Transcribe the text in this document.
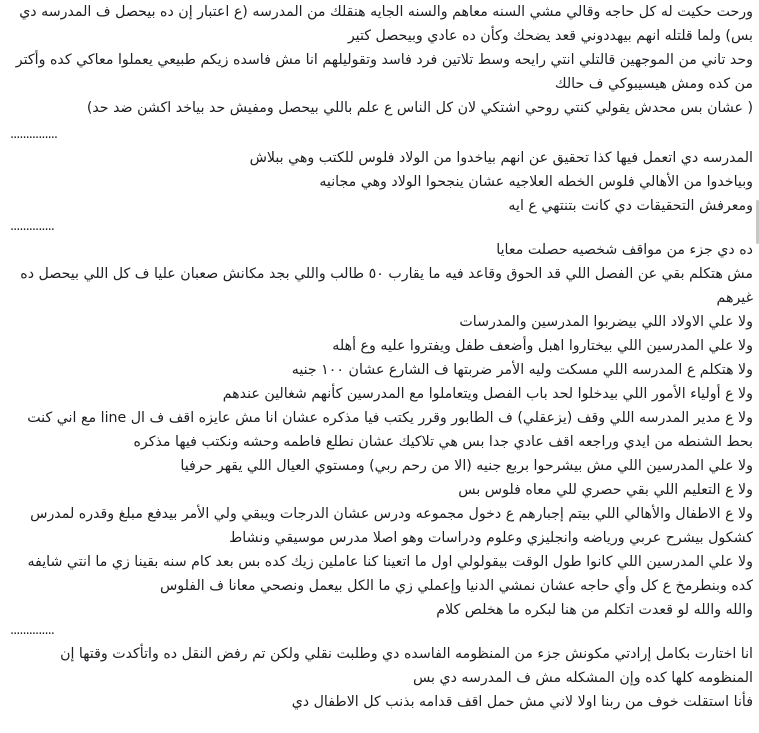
ورحت حكيت له كل حاجه وقالي مشي السنه معاهم والسنه الجايه هنقلك من المدرسه (ع اعتبار إن ده بيحصل ف المدرسه دي بس) ولما قلتله انهم بيهددوني قعد يضحك وكأن ده عادي وبيحصل كتير

وحد تاني من الموجهين قالتلي انتي رايحه وسط تلاتين فرد فاسد وتقوليلهم انا مش فاسده زيكم طبيعي يعملوا معاكي كده وأكتر من كده ومش هيسيبوكي ف حالك

( عشان بس محدش يقولي كنتي روحي اشتكي لان كل الناس ع علم باللي بيحصل ومفيش حد بياخد اكشن ضد حد)

...............

المدرسه دي اتعمل فيها كذا تحقيق عن انهم بياخدوا من الولاد فلوس للكتب وهي ببلاش

وبياخدوا من الأهالي فلوس الخطه العلاجيه عشان ينجحوا الولاد وهي مجانيه

ومعرفش التحقيقات دي كانت بتنتهي ع ايه

..............

ده دي جزء من مواقف شخصيه حصلت معايا

مش هتكلم بقي عن الفصل اللي قد الحوق وقاعد فيه ما يقارب ٥٠ طالب واللي بجد مكانش صعبان عليا ف كل اللي بيحصل ده غيرهم

ولا علي الاولاد اللي بيضربوا المدرسين والمدرسات

ولا علي المدرسين اللي بيختاروا اهبل وأضعف طفل ويفتروا عليه وع أهله

ولا هتكلم ع المدرسه اللي مسكت وليه الأمر ضربتها ف الشارع عشان ١٠٠ جنيه

ولا ع أولياء الأمور اللي بيدخلوا لحد باب الفصل ويتعاملوا مع المدرسين كأنهم شغالين عندهم

ولا ع مدير المدرسه اللي وقف (يزعقلي) ف الطابور وقرر يكتب فيا مذكره عشان انا مش عايزه اقف ف ال line مع اني كنت بحط الشنطه من ايدي وراجعه اقف عادي جدا بس هي تلاكيك عشان نطلع فاطمه وحشه ونكتب فيها مذكره

ولا علي المدرسين اللي مش بيشرحوا بربع جنيه (الا من رحم ربي) ومستوي العيال اللي يقهر حرفيا

ولا ع التعليم اللي بقي حصري للي معاه فلوس بس

ولا ع الاطفال والأهالي اللي بيتم إجبارهم ع دخول مجموعه ودرس عشان الدرجات ويبقي ولي الأمر بيدفع مبلغ وقدره لمدرس كشكول بيشرح عربي ورياضه وانجليزي وعلوم ودراسات وهو اصلا مدرس موسيقي ونشاط

ولا علي المدرسين اللي كانوا طول الوقت بيقولولي اول ما اتعينا كنا عاملين زيك كده بس بعد كام سنه بقينا زي ما انتي شايفه كده وبنطرمخ ع كل وأي حاجه عشان نمشي الدنيا وإعملي زي ما الكل بيعمل ونصحي معانا ف الفلوس

والله والله لو قعدت اتكلم من هنا لبكره ما هخلص كلام

..............

انا اختارت بكامل إرادتي مكونش جزء من المنظومه الفاسده دي وطلبت نقلي ولكن تم رفض النقل ده واتأكدت وقتها إن المنظومه كلها كده وإن المشكله مش ف المدرسه دي بس

فأنا استقلت خوف من ربنا اولا لاني مش حمل اقف قدامه بذنب كل الاطفال دي
